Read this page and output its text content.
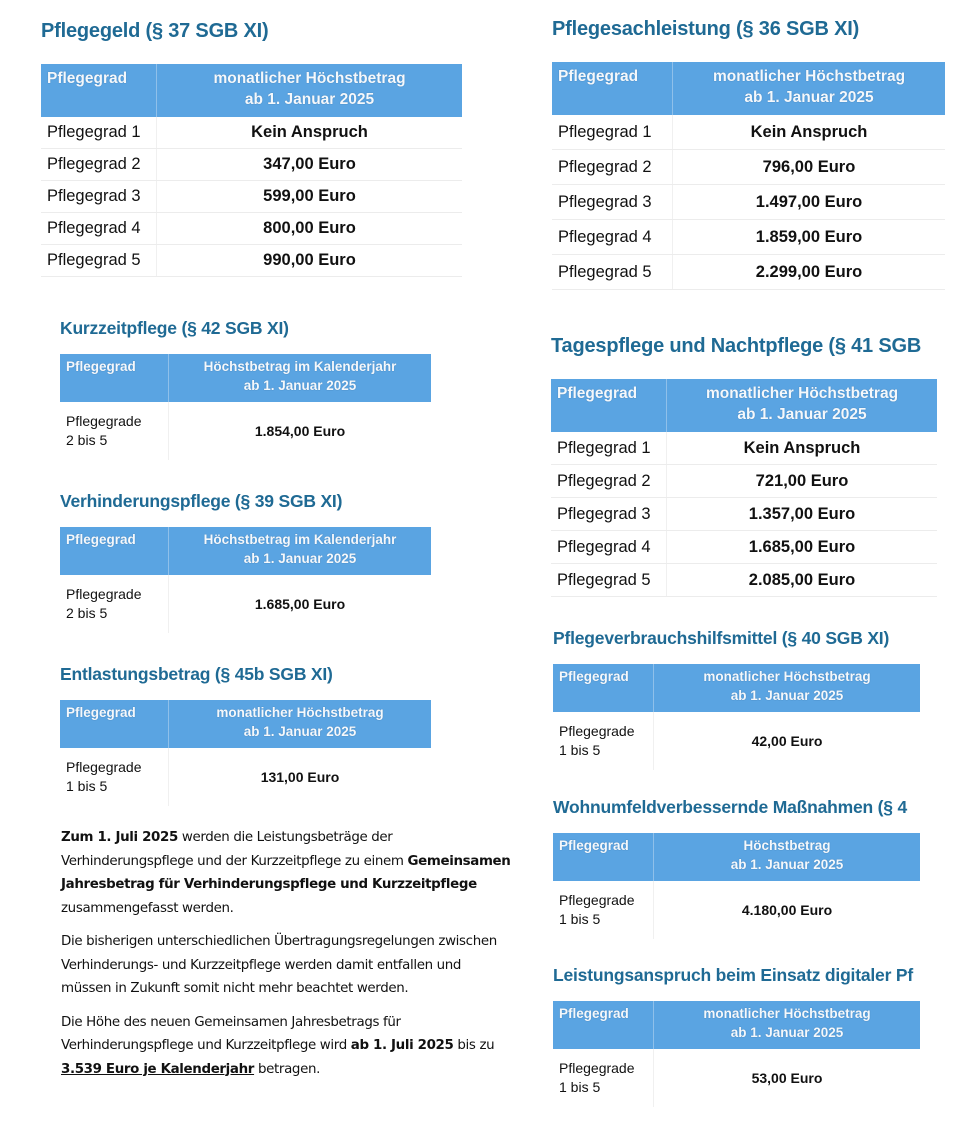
Pflegegeld (§ 37 SGB XI)
Pflegegrad	monatlicher Höchstbetrag
ab 1. Januar 2025
Pflegegrad 1	Kein Anspruch
Pflegegrad 2	347,00 Euro
Pflegegrad 3	599,00 Euro
Pflegegrad 4	800,00 Euro
Pflegegrad 5	990,00 Euro
Kurzzeitpflege (§ 42 SGB XI)
Pflegegrad	Höchstbetrag im Kalenderjahr
ab 1. Januar 2025
Pflegegrade
2 bis 5	1.854,00 Euro
Verhinderungspflege (§ 39 SGB XI)
Pflegegrad	Höchstbetrag im Kalenderjahr
ab 1. Januar 2025
Pflegegrade
2 bis 5	1.685,00 Euro
Entlastungsbetrag (§ 45b SGB XI)
Pflegegrad	monatlicher Höchstbetrag
ab 1. Januar 2025
Pflegegrade
1 bis 5	131,00 Euro

Zum 1. Juli 2025 werden die Leistungsbeträge der Verhinderungspflege und der Kurzzeitpflege zu einem Gemeinsamen Jahresbetrag für Verhinderungspflege und Kurzzeitpflege zusammengefasst werden.

Die bisherigen unterschiedlichen Übertragungsregelungen zwischen Verhinderungs- und Kurzzeitpflege werden damit entfallen und müssen in Zukunft somit nicht mehr beachtet werden.

Die Höhe des neuen Gemeinsamen Jahresbetrags für Verhinderungspflege und Kurzzeitpflege wird ab 1. Juli 2025 bis zu 3.539 Euro je Kalenderjahr betragen.

Pflegesachleistung (§ 36 SGB XI)
Pflegegrad	monatlicher Höchstbetrag
ab 1. Januar 2025
Pflegegrad 1	Kein Anspruch
Pflegegrad 2	796,00 Euro
Pflegegrad 3	1.497,00 Euro
Pflegegrad 4	1.859,00 Euro
Pflegegrad 5	2.299,00 Euro
Tagespflege und Nachtpflege (§ 41 SGB
Pflegegrad	monatlicher Höchstbetrag
ab 1. Januar 2025
Pflegegrad 1	Kein Anspruch
Pflegegrad 2	721,00 Euro
Pflegegrad 3	1.357,00 Euro
Pflegegrad 4	1.685,00 Euro
Pflegegrad 5	2.085,00 Euro
Pflegeverbrauchshilfsmittel (§ 40 SGB XI)
Pflegegrad	monatlicher Höchstbetrag
ab 1. Januar 2025
Pflegegrade
1 bis 5	42,00 Euro
Wohnumfeldverbessernde Maßnahmen (§ 4
Pflegegrad	Höchstbetrag
ab 1. Januar 2025
Pflegegrade
1 bis 5	4.180,00 Euro
Leistungsanspruch beim Einsatz digitaler Pf
Pflegegrad	monatlicher Höchstbetrag
ab 1. Januar 2025
Pflegegrade
1 bis 5	53,00 Euro
